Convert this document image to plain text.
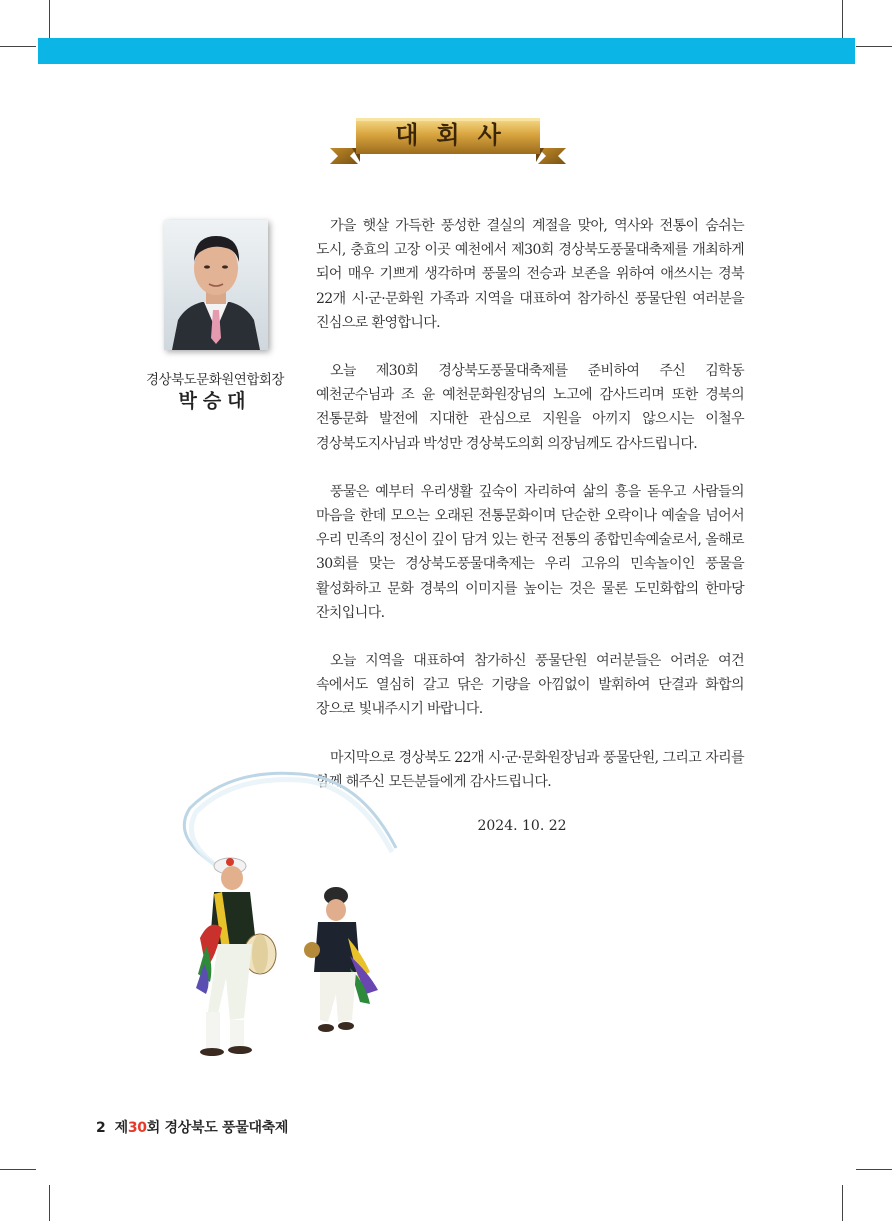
대회사
경상북도문화원연합회장
박승대

가을 햇살 가득한 풍성한 결실의 계절을 맞아, 역사와 전통이 숨쉬는 도시, 충효의 고장 이곳 예천에서 제30회 경상북도풍물대축제를 개최하게 되어 매우 기쁘게 생각하며 풍물의 전승과 보존을 위하여 애쓰시는 경북 22개 시·군·문화원 가족과 지역을 대표하여 참가하신 풍물단원 여러분을 진심으로 환영합니다.

오늘 제30회 경상북도풍물대축제를 준비하여 주신 김학동 예천군수님과 조 윤 예천문화원장님의 노고에 감사드리며 또한 경북의 전통문화 발전에 지대한 관심으로 지원을 아끼지 않으시는 이철우 경상북도지사님과 박성만 경상북도의회 의장님께도 감사드립니다.

풍물은 예부터 우리생활 깊숙이 자리하여 삶의 흥을 돋우고 사람들의 마음을 한데 모으는 오래된 전통문화이며 단순한 오락이나 예술을 넘어서 우리 민족의 정신이 깊이 담겨 있는 한국 전통의 종합민속예술로서, 올해로 30회를 맞는 경상북도풍물대축제는 우리 고유의 민속놀이인 풍물을 활성화하고 문화 경북의 이미지를 높이는 것은 물론 도민화합의 한마당 잔치입니다.

오늘 지역을 대표하여 참가하신 풍물단원 여러분들은 어려운 여건 속에서도 열심히 갈고 닦은 기량을 아낌없이 발휘하여 단결과 화합의 장으로 빛내주시기 바랍니다.

마지막으로 경상북도 22개 시·군·문화원장님과 풍물단원, 그리고 자리를 함께 해주신 모든분들에게 감사드립니다.

2024. 10. 22
2 제30회 경상북도 풍물대축제
